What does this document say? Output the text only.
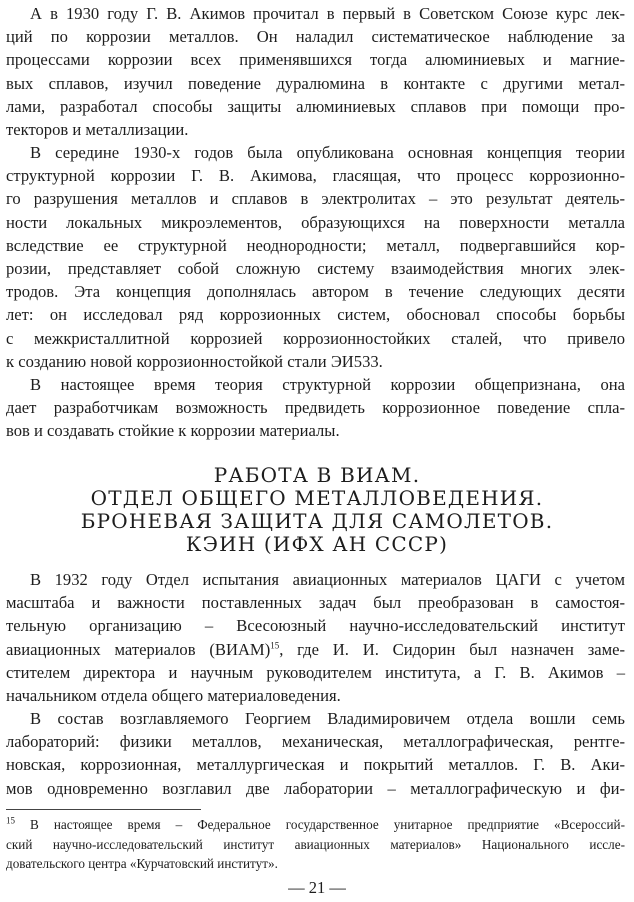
А в 1930 году Г. В. Акимов прочитал в первый в Советском Союзе курс лек-
ций по коррозии металлов. Он наладил систематическое наблюдение за
процессами коррозии всех применявшихся тогда алюминиевых и магние-
вых сплавов, изучил поведение дуралюмина в контакте с другими метал-
лами, разработал способы защиты алюминиевых сплавов при помощи про-
текторов и металлизации.

В середине 1930-х годов была опубликована основная концепция теории
структурной коррозии Г. В. Акимова, гласящая, что процесс коррозионно-
го разрушения металлов и сплавов в электролитах – это результат деятель-
ности локальных микроэлементов, образующихся на поверхности металла
вследствие ее структурной неоднородности; металл, подвергавшийся кор-
розии, представляет собой сложную систему взаимодействия многих элек-
тродов. Эта концепция дополнялась автором в течение следующих десяти
лет: он исследовал ряд коррозионных систем, обосновал способы борьбы
с межкристаллитной коррозией коррозионностойких сталей, что привело
к созданию новой коррозионностойкой стали ЭИ533.

В настоящее время теория структурной коррозии общепризнана, она
дает разработчикам возможность предвидеть коррозионное поведение спла-
вов и создавать стойкие к коррозии материалы.

РАБОТА В ВИАМ.
ОТДЕЛ ОБЩЕГО МЕТАЛЛОВЕДЕНИЯ.
БРОНЕВАЯ ЗАЩИТА ДЛЯ САМОЛЕТОВ.
КЭИН (ИФХ АН СССР)

В 1932 году Отдел испытания авиационных материалов ЦАГИ с учетом
масштаба и важности поставленных задач был преобразован в самостоя-
тельную организацию – Всесоюзный научно-исследовательский институт
авиационных материалов (ВИАМ)$^{15}$, где И. И. Сидорин был назначен заме-
стителем директора и научным руководителем института, а Г. В. Акимов –
начальником отдела общего материаловедения.

В состав возглавляемого Георгием Владимировичем отдела вошли семь
лабораторий: физики металлов, механическая, металлографическая, рентге-
новская, коррозионная, металлургическая и покрытий металлов. Г. В. Аки-
мов одновременно возглавил две лаборатории – металлографическую и фи-

$^{15}$ В настоящее время – Федеральное государственное унитарное предприятие «Всероссий-
ский научно-исследовательский институт авиационных материалов» Национального иссле-
довательского центра «Курчатовский институт».

— 21 —
